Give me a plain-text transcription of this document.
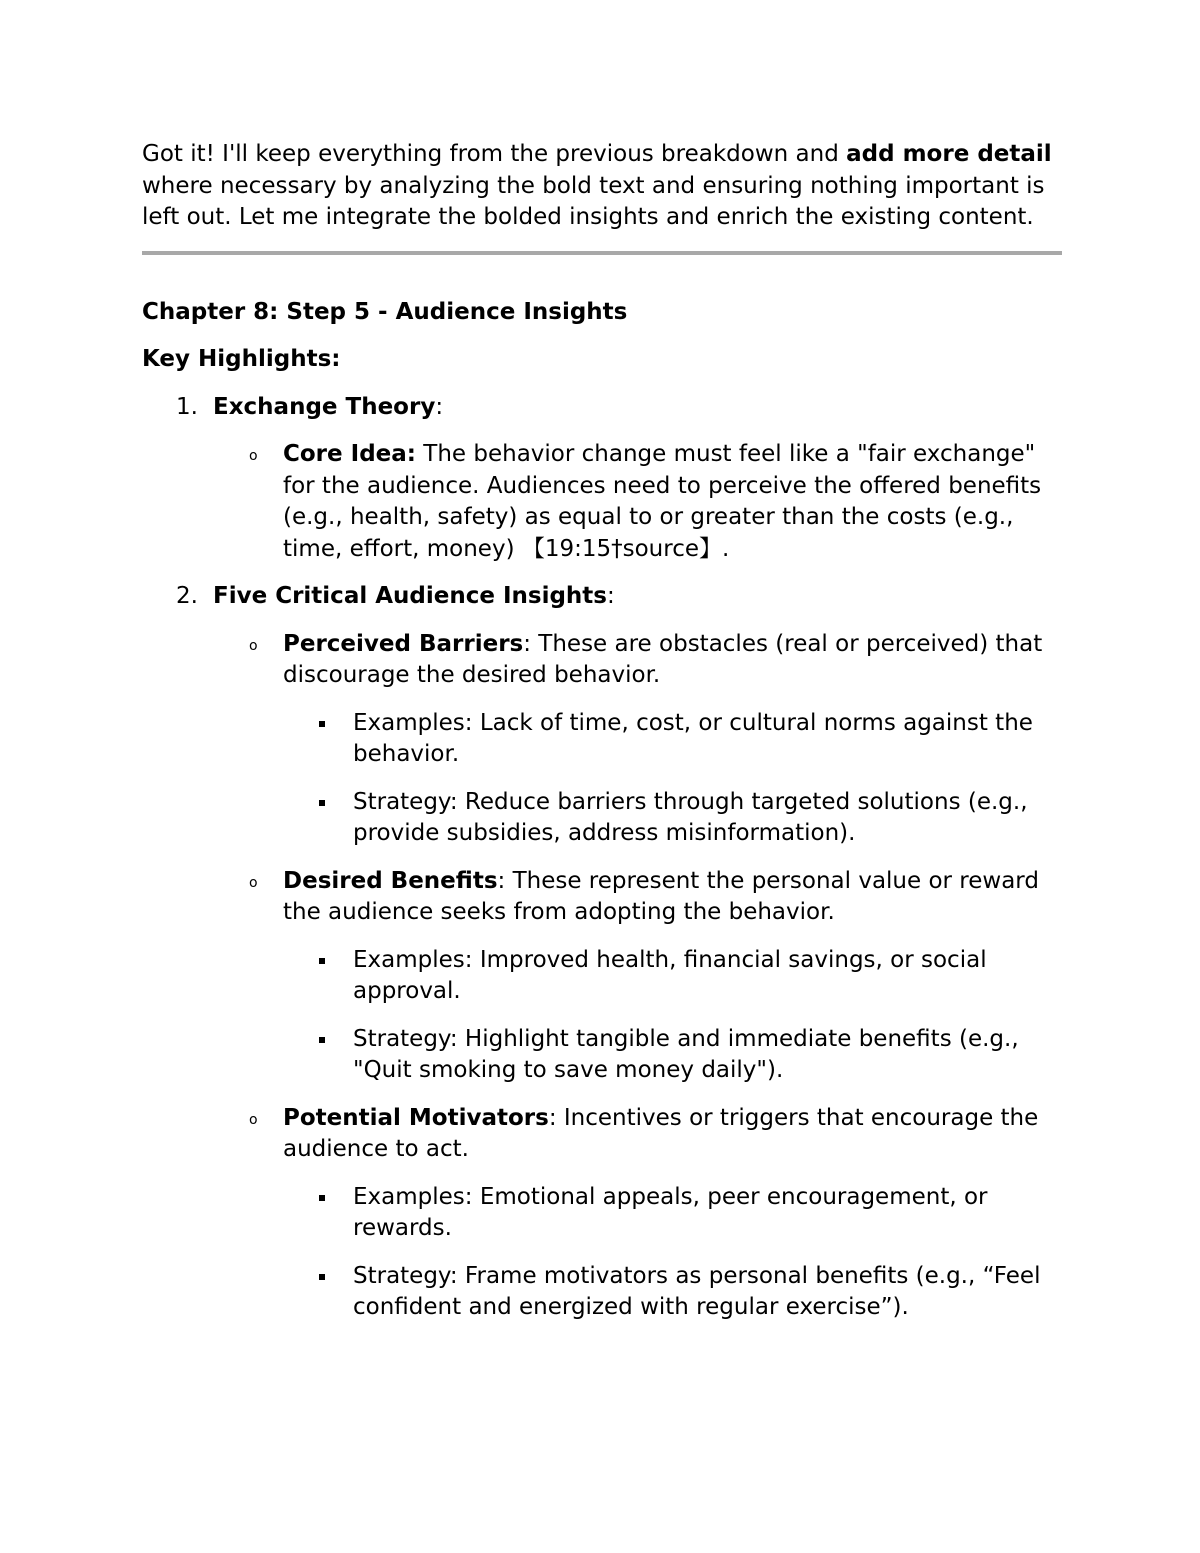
Got it! I'll keep everything from the previous breakdown and add more detail where necessary by analyzing the bold text and ensuring nothing important is left out. Let me integrate the bolded insights and enrich the existing content.

Chapter 8: Step 5 - Audience Insights

Key Highlights:

1. Exchange Theory:
o Core Idea: The behavior change must feel like a "fair exchange" for the audience. Audiences need to perceive the offered benefits (e.g., health, safety) as equal to or greater than the costs (e.g., time, effort, money) 【19:15†source】.
2. Five Critical Audience Insights:
o Perceived Barriers: These are obstacles (real or perceived) that discourage the desired behavior.
Examples: Lack of time, cost, or cultural norms against the behavior.
Strategy: Reduce barriers through targeted solutions (e.g., provide subsidies, address misinformation).
o Desired Benefits: These represent the personal value or reward the audience seeks from adopting the behavior.
Examples: Improved health, financial savings, or social approval.
Strategy: Highlight tangible and immediate benefits (e.g., "Quit smoking to save money daily").
o Potential Motivators: Incentives or triggers that encourage the audience to act.
Examples: Emotional appeals, peer encouragement, or rewards.
Strategy: Frame motivators as personal benefits (e.g., “Feel confident and energized with regular exercise”).
